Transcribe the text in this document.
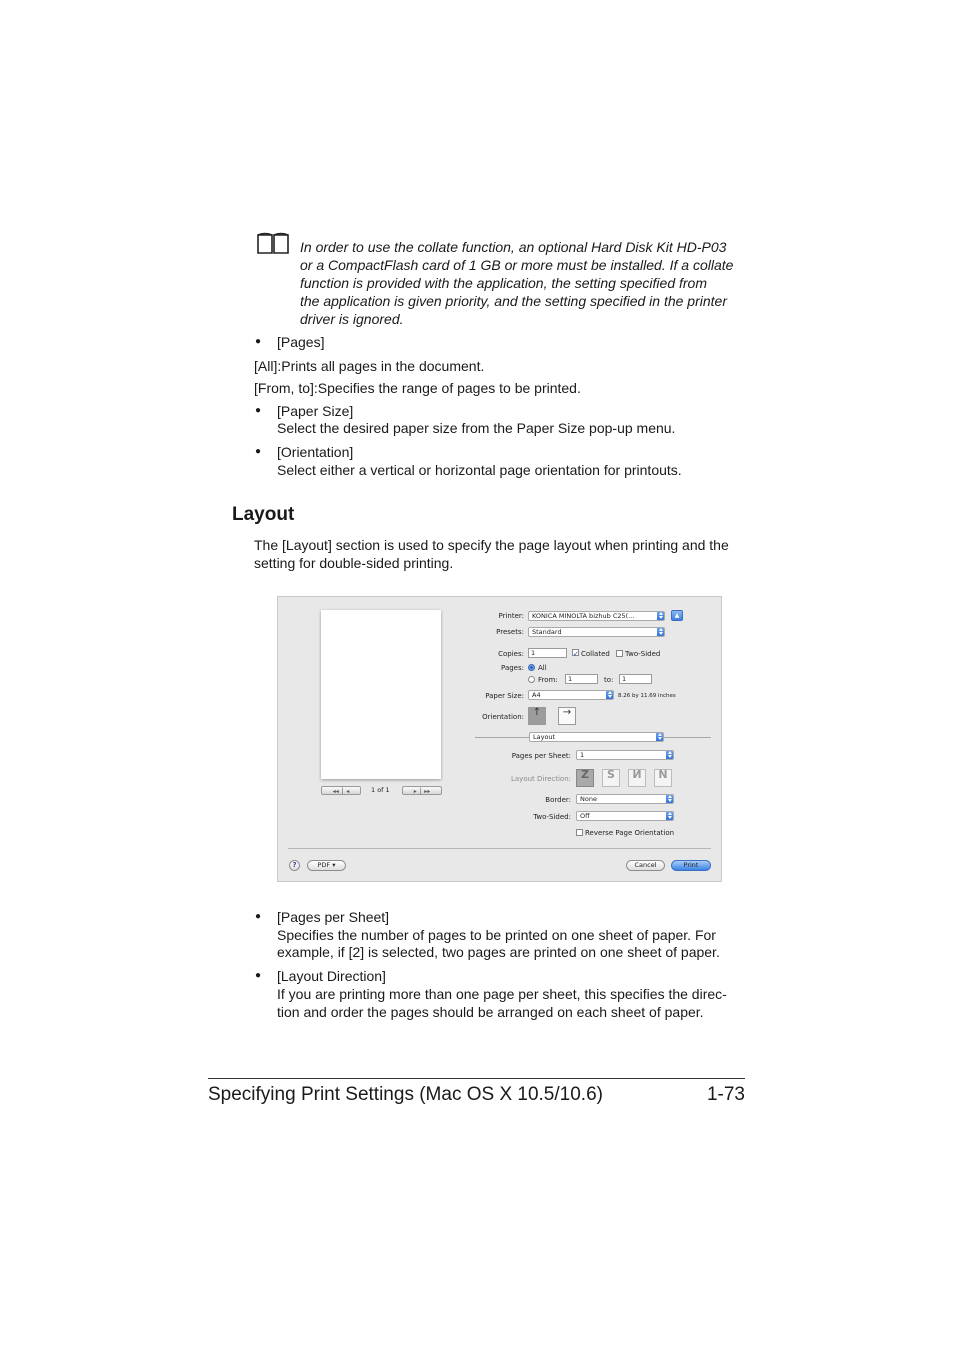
In order to use the collate function, an optional Hard Disk Kit HD-P03
or a CompactFlash card of 1 GB or more must be installed. If a collate
function is provided with the application, the setting specified from
the application is given priority, and the setting specified in the printer
driver is ignored.
● [Pages]
[All]:Prints all pages in the document.
[From, to]:Specifies the range of pages to be printed.
● [Paper Size]
Select the desired paper size from the Paper Size pop-up menu.
● [Orientation]
Select either a vertical or horizontal page orientation for printouts.
Layout
The [Layout] section is used to specify the page layout when printing and the
setting for double-sided printing.
◂◂ │ ◂	1 of 1	▸ │ ▸▸
Printer:	KONICA MINOLTA bizhub C25(...	▲
Presets:	Standard
Copies:	1	✓ Collated Two-Sided
Pages: All
From:	1	to:	1
Paper Size:	A4	8.26 by 11.69 inches
Orientation: ↑	→
Layout
Pages per Sheet:	1
Layout Direction: Z	S	И	N
Border:	None
Two-Sided:	Off
Reverse Page Orientation
?	PDF ▾	Cancel	Print
● [Pages per Sheet]
Specifies the number of pages to be printed on one sheet of paper. For
example, if [2] is selected, two pages are printed on one sheet of paper.
● [Layout Direction]
If you are printing more than one page per sheet, this specifies the direc-
tion and order the pages should be arranged on each sheet of paper.
Specifying Print Settings (Mac OS X 10.5/10.6)	1-73
